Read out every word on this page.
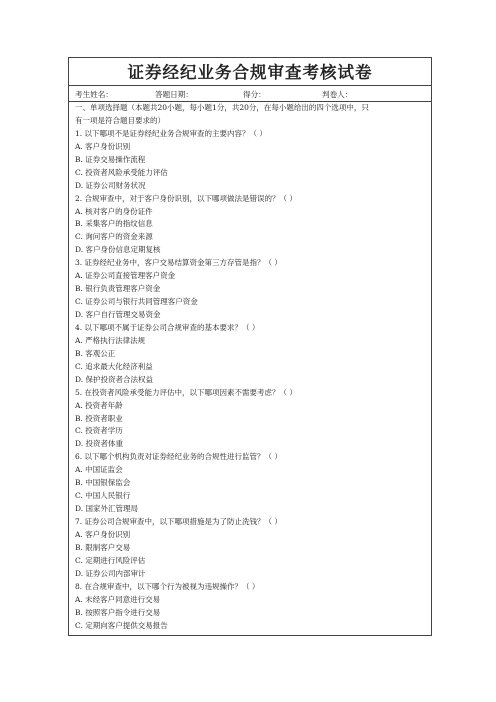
证券经纪业务合规审查考核试卷
考生姓名：	答题日期：	得分：	判卷人：
一、单项选择题（本题共20小题，每小题1分，共20分，在每小题给出的四个选项中，只
有一项是符合题目要求的）
1. 以下哪项不是证券经纪业务合规审查的主要内容？（ ）
A. 客户身份识别
B. 证券交易操作流程
C. 投资者风险承受能力评估
D. 证券公司财务状况
2. 合规审查中，对于客户身份识别，以下哪项做法是错误的？（ ）
A. 核对客户的身份证件
B. 采集客户的指纹信息
C. 询问客户的资金来源
D. 客户身份信息定期复核
3. 证券经纪业务中，客户交易结算资金第三方存管是指？（ ）
A. 证券公司直接管理客户资金
B. 银行负责管理客户资金
C. 证券公司与银行共同管理客户资金
D. 客户自行管理交易资金
4. 以下哪项不属于证券公司合规审查的基本要求？（ ）
A. 严格执行法律法规
B. 客观公正
C. 追求最大化经济利益
D. 保护投资者合法权益
5. 在投资者风险承受能力评估中，以下哪项因素不需要考虑？（ ）
A. 投资者年龄
B. 投资者职业
C. 投资者学历
D. 投资者体重
6. 以下哪个机构负责对证券经纪业务的合规性进行监管？（ ）
A. 中国证监会
B. 中国银保监会
C. 中国人民银行
D. 国家外汇管理局
7. 证券公司合规审查中，以下哪项措施是为了防止洗钱？（ ）
A. 客户身份识别
B. 限制客户交易
C. 定期进行风险评估
D. 证券公司内部审计
8. 在合规审查中，以下哪个行为被视为违规操作？（ ）
A. 未经客户同意进行交易
B. 按照客户指令进行交易
C. 定期向客户提供交易报告
